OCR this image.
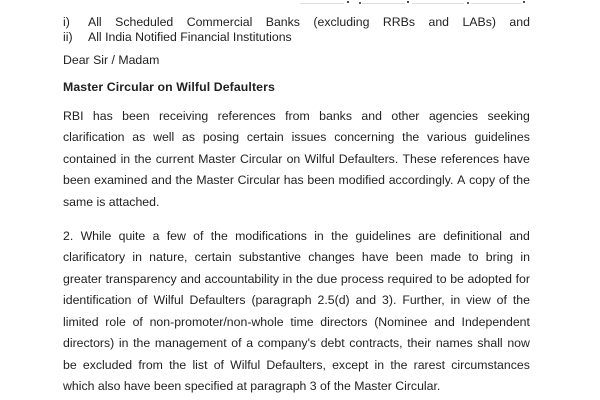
i)	All Scheduled Commercial Banks (excluding RRBs and LABs) and
ii)	All India Notified Financial Institutions
Dear Sir / Madam
Master Circular on Wilful Defaulters
RBI has been receiving references from banks and other agencies seeking
clarification as well as posing certain issues concerning the various guidelines
contained in the current Master Circular on Wilful Defaulters. These references have
been examined and the Master Circular has been modified accordingly. A copy of the
same is attached.
2. While quite a few of the modifications in the guidelines are definitional and
clarificatory in nature, certain substantive changes have been made to bring in
greater transparency and accountability in the due process required to be adopted for
identification of Wilful Defaulters (paragraph 2.5(d) and 3). Further, in view of the
limited role of non-promoter/non-whole time directors (Nominee and Independent
directors) in the management of a company's debt contracts, their names shall now
be excluded from the list of Wilful Defaulters, except in the rarest circumstances
which also have been specified at paragraph 3 of the Master Circular.
